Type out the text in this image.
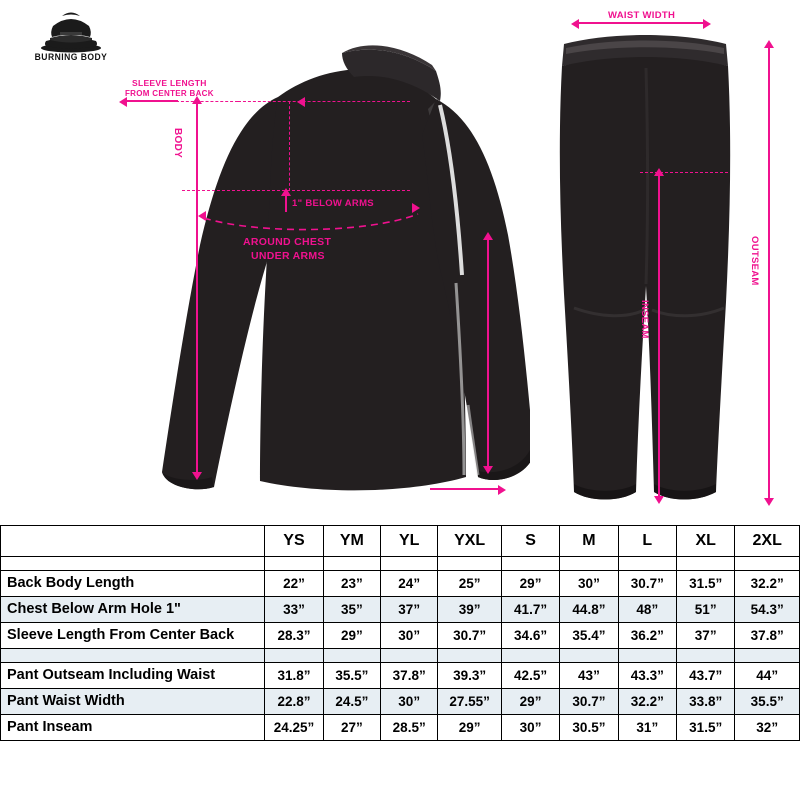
BURNING BODY
SLEEVE LENGTH
FROM CENTER BACK
BODY
1" BELOW ARMS
AROUND CHEST
UNDER ARMS
WAIST WIDTH
OUTSEAM
INSEAM
	YS	YM	YL	YXL	S	M	L	XL	2XL

Back Body Length	22”	23”	24”	25”	29”	30”	30.7”	31.5”	32.2”
Chest Below Arm Hole 1"	33”	35”	37”	39”	41.7”	44.8”	48”	51”	54.3”
Sleeve Length From Center Back	28.3”	29”	30”	30.7”	34.6”	35.4”	36.2”	37”	37.8”

Pant Outseam Including Waist	31.8”	35.5”	37.8”	39.3”	42.5”	43”	43.3”	43.7”	44”
Pant Waist Width	22.8”	24.5”	30”	27.55”	29”	30.7”	32.2”	33.8”	35.5”
Pant Inseam	24.25”	27”	28.5”	29”	30”	30.5”	31”	31.5”	32”
